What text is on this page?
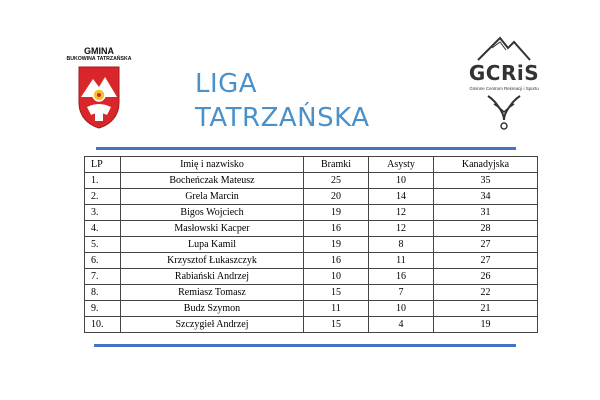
GMINA
BUKOWINA TATRZAŃSKA
LIGA TATRZAŃSKA
GCRiS
Gminne Centrum Rekreacji i Sportu
LP	Imię i nazwisko	Bramki	Asysty	Kanadyjska
1.	Bocheńczak Mateusz	25	10	35
2.	Grela Marcin	20	14	34
3.	Bigos Wojciech	19	12	31
4.	Masłowski Kacper	16	12	28
5.	Lupa Kamil	19	8	27
6.	Krzysztof Łukaszczyk	16	11	27
7.	Rabiański Andrzej	10	16	26
8.	Remiasz Tomasz	15	7	22
9.	Budz Szymon	11	10	21
10.	Szczygieł Andrzej	15	4	19
